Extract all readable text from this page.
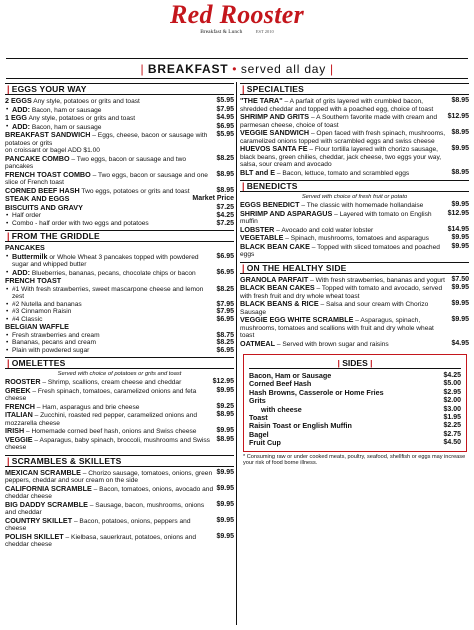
Red Rooster
Breakfast & Lunch	EST 2010
| BREAKFAST • served all day |
| EGGS YOUR WAY
2 EGGS Any style, potatoes or grits and toast	$5.95
• ADD: Bacon, ham or sausage	$7.95
1 EGG Any style, potatoes or grits and toast	$4.95
• ADD: Bacon, ham or sausage	$6.95
BREAKFAST SANDWICH – Eggs, cheese, bacon or sausage with potatoes or grits
$5.95
on croissant or bagel ADD $1.00
PANCAKE COMBO – Two eggs, bacon or sausage and two pancakes
$8.25
FRENCH TOAST COMBO – Two eggs, bacon or sausage and one slice of French toast
$8.95
CORNED BEEF HASH Two eggs, potatoes or grits and toast	$8.95
STEAK AND EGGS	Market Price
BISCUITS AND GRAVY	$7.25
• Half order	$4.25
• Combo - half order with two eggs and potatoes	$7.25
| FROM THE GRIDDLE
PANCAKES
• Buttermilk or Whole Wheat 3 pancakes topped with powdered sugar and whipped butter
$6.95
• ADD: Blueberries, bananas, pecans, chocolate chips or bacon	$6.95
FRENCH TOAST
• #1 With fresh strawberries, sweet mascarpone cheese and lemon zest
$8.25
• #2 Nutella and bananas	$7.95
• #3 Cinnamon Raisin	$7.95
• #4 Classic	$6.95
BELGIAN WAFFLE
• Fresh strawberries and cream	$8.75
• Bananas, pecans and cream	$8.25
• Plain with powdered sugar	$6.95
| OMELETTES
Served with choice of potatoes or grits and toast
ROOSTER – Shrimp, scallions, cream cheese and cheddar	$12.95
GREEK – Fresh spinach, tomatoes, caramelized onions and feta cheese
$9.95
FRENCH – Ham, asparagus and brie cheese	$9.25
ITALIAN – Zucchini, roasted red pepper, caramelized onions and mozzarella cheese
$8.95
IRISH – Homemade corned beef hash, onions and Swiss cheese	$9.95
VEGGIE – Asparagus, baby spinach, broccoli, mushrooms and Swiss cheese
$8.95
| SCRAMBLES & SKILLETS
MEXICAN SCRAMBLE – Chorizo sausage, tomatoes, onions, green peppers, cheddar and sour cream on the side
$9.95
CALIFORNIA SCRAMBLE – Bacon, tomatoes, onions, avocado and cheddar cheese
$9.95
BIG DADDY SCRAMBLE – Sausage, bacon, mushrooms, onions and cheddar
$9.95
COUNTRY SKILLET – Bacon, potatoes, onions, peppers and cheese
$9.95
POLISH SKILLET – Kielbasa, sauerkraut, potatoes, onions and cheddar cheese
$9.95
| SPECIALTIES
"THE TARA" – A parfait of grits layered with crumbled bacon, shredded cheddar and topped with a poached egg, choice of toast
$8.95
SHRIMP AND GRITS – A Southern favorite made with cream and parmesan cheese, choice of toast
$12.95
VEGGIE SANDWICH – Open faced with fresh spinach, mushrooms, caramelized onions topped with scrambled eggs and swiss cheese
$8.95
HUEVOS SANTA FE – Flour tortilla layered with chorizo sausage, black beans, green chilies, cheddar, jack cheese, two eggs your way, salsa, sour cream and avocado
$9.95
BLT and E – Bacon, lettuce, tomato and scrambled eggs	$8.95
| BENEDICTS
Served with choice of fresh fruit or potato
EGGS BENEDICT – The classic with homemade hollandaise	$9.95
SHRIMP AND ASPARAGUS – Layered with tomato on English muffin
$12.95
LOBSTER – Avocado and cold water lobster	$14.95
VEGETABLE – Spinach, mushrooms, tomatoes and asparagus	$9.95
BLACK BEAN CAKE – Topped with sliced tomatoes and poached eggs
$9.95
| ON THE HEALTHY SIDE
GRANOLA PARFAIT – With fresh strawberries, bananas and yogurt $7.50
BLACK BEAN CAKES – Topped with tomato and avocado, served with fresh fruit and dry whole wheat toast
$9.95
BLACK BEANS & RICE – Salsa and sour cream with Chorizo Sausage
$9.95
VEGGIE EGG WHITE SCRAMBLE – Asparagus, spinach, mushrooms, tomatoes and scallions with fruit and dry whole wheat toast
$9.95
OATMEAL – Served with brown sugar and raisins	$4.95
| SIDES |
Bacon, Ham or Sausage	$4.25
Corned Beef Hash	$5.00
Hash Browns, Casserole or Home Fries	$2.95
Grits	$2.00
with cheese	$3.00
Toast	$1.95
Raisin Toast or English Muffin	$2.25
Bagel	$2.75
Fruit Cup	$4.50
* Consuming raw or under cooked meats, poultry, seafood, shellfish or eggs may increase your risk of food borne illness.
